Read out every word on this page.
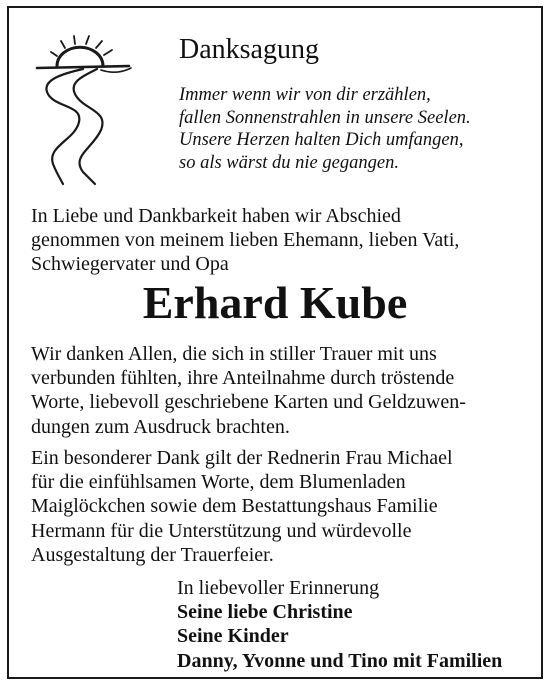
Danksagung
Immer wenn wir von dir erzählen,
fallen Sonnenstrahlen in unsere Seelen.
Unsere Herzen halten Dich umfangen,
so als wärst du nie gegangen.
In Liebe und Dankbarkeit haben wir Abschied
genommen von meinem lieben Ehemann, lieben Vati,
Schwiegervater und Opa
Erhard Kube
Wir danken Allen, die sich in stiller Trauer mit uns
verbunden fühlten, ihre Anteilnahme durch tröstende
Worte, liebevoll geschriebene Karten und Geldzuwen-
dungen zum Ausdruck brachten.
Ein besonderer Dank gilt der Rednerin Frau Michael
für die einfühlsamen Worte, dem Blumenladen
Maiglöckchen sowie dem Bestattungshaus Familie
Hermann für die Unterstützung und würdevolle
Ausgestaltung der Trauerfeier.
In liebevoller Erinnerung
Seine liebe Christine
Seine Kinder
Danny, Yvonne und Tino mit Familien
